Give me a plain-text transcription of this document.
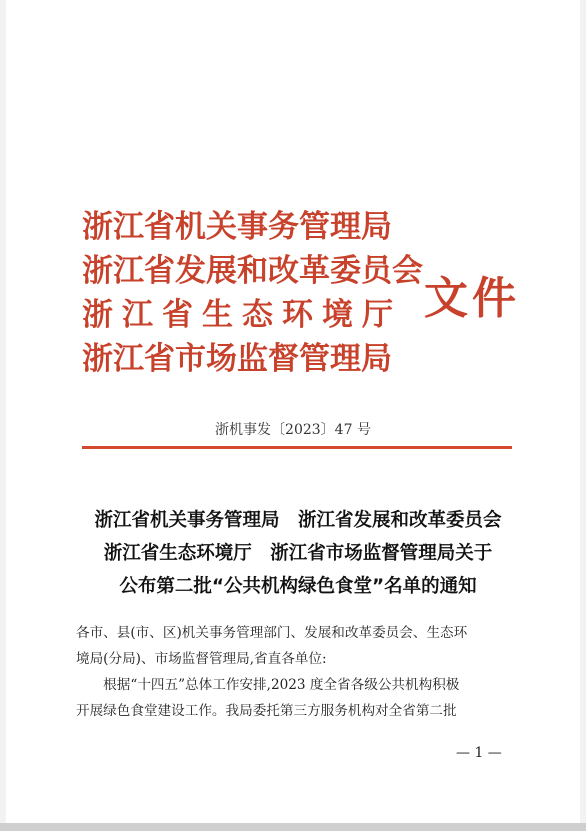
浙江省机关事务管理局
浙江省发展和改革委员会
浙江省生态环境厅
浙江省市场监督管理局
文件
浙机事发〔2023〕47 号
浙江省机关事务管理局　浙江省发展和改革委员会
浙江省生态环境厅　浙江省市场监督管理局关于
公布第二批“公共机构绿色食堂”名单的通知
各市、县(市、区)机关事务管理部门、发展和改革委员会、生态环
境局(分局)、市场监督管理局,省直各单位:
　　根据“十四五”总体工作安排,2023 度全省各级公共机构积极
开展绿色食堂建设工作。我局委托第三方服务机构对全省第二批
— 1 —
